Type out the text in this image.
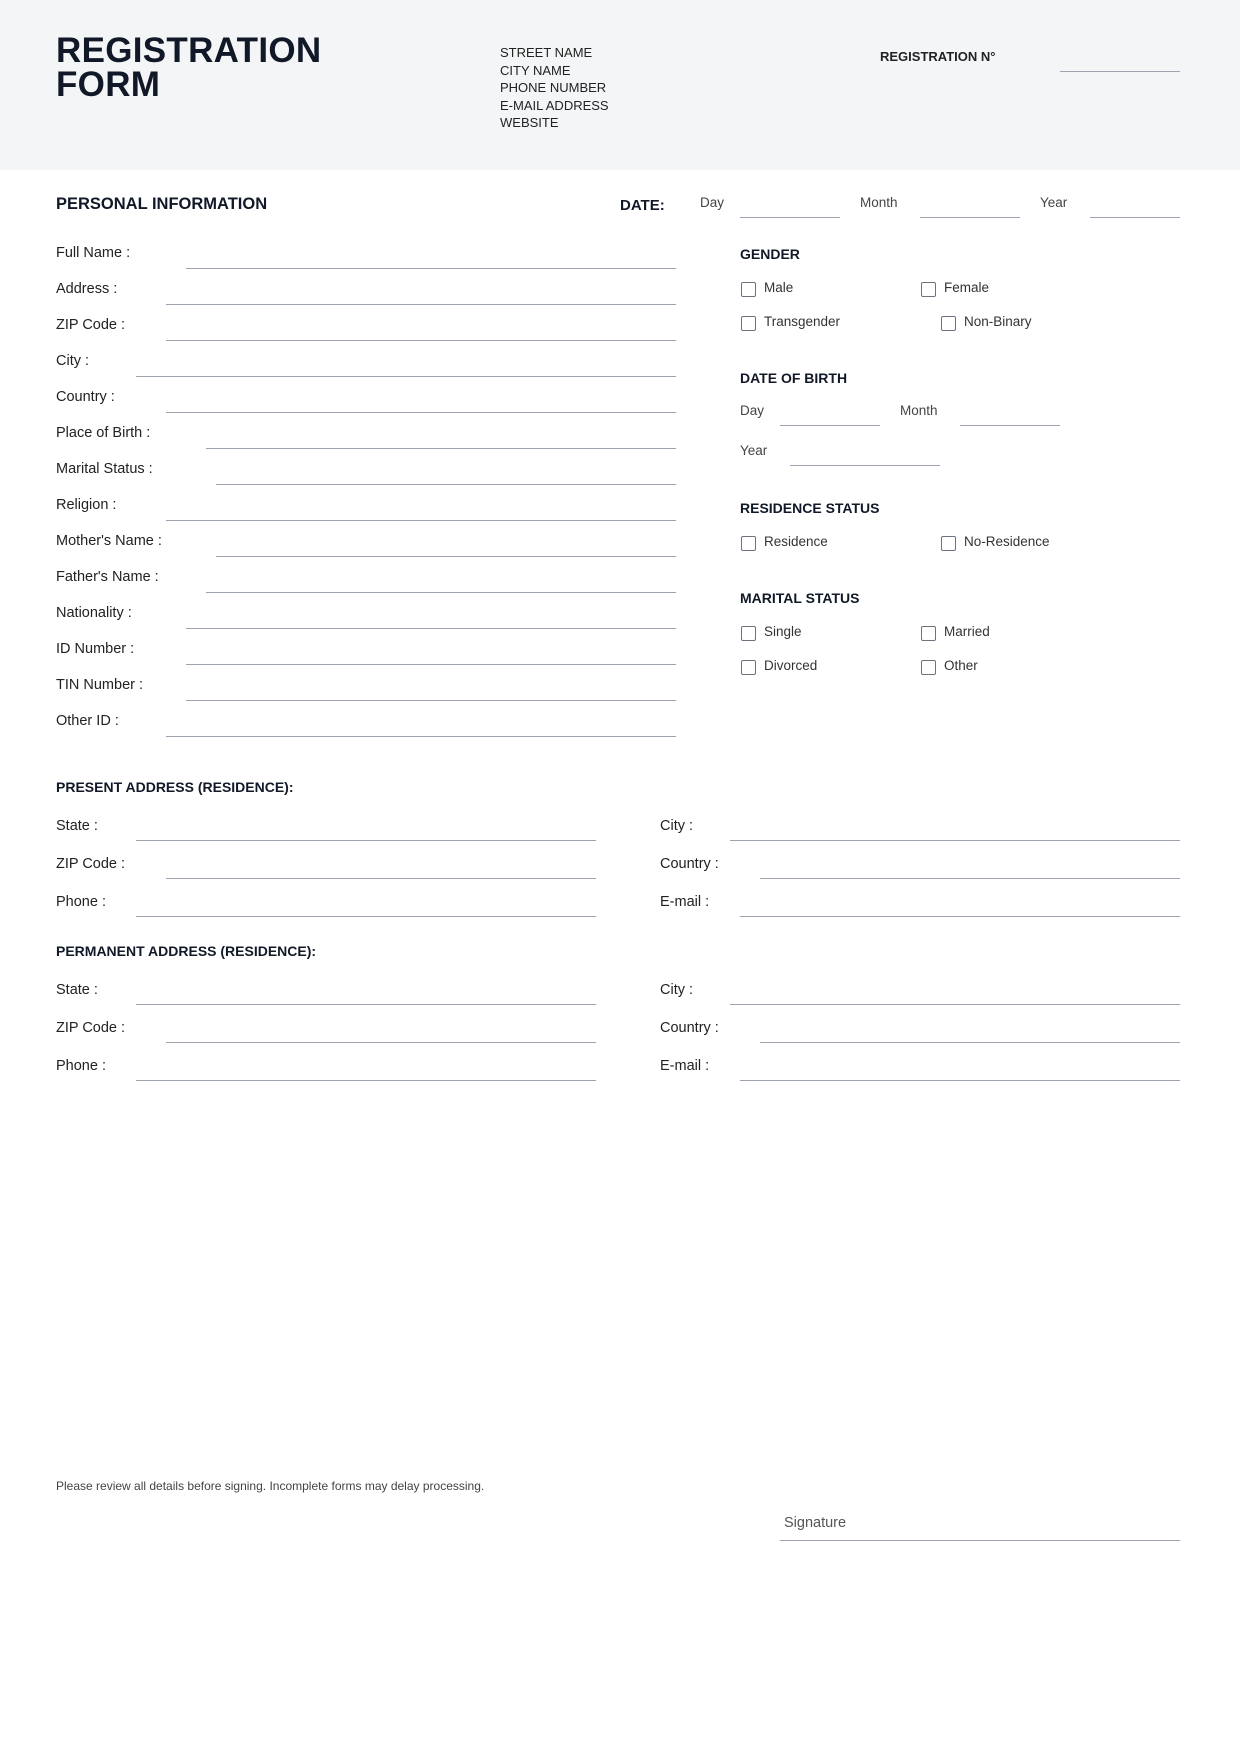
REGISTRATION
FORM
STREET NAME
CITY NAME
PHONE NUMBER
E-MAIL ADDRESS
WEBSITE
REGISTRATION N°
PERSONAL INFORMATION	DATE:	Day	Month	Year
Full Name :
Address :
ZIP Code :
City :
Country :
Place of Birth :
Marital Status :
Religion :
Mother's Name :
Father's Name :
Nationality :
ID Number :
TIN Number :
Other ID :
GENDER
Male	Female
Transgender	Non-Binary
DATE OF BIRTH
Day	Month
Year
RESIDENCE STATUS
Residence	No-Residence
MARITAL STATUS
Single	Married
Divorced	Other
PRESENT ADDRESS (RESIDENCE):
State :	City :
ZIP Code :	Country :
Phone :	E-mail :
PERMANENT ADDRESS (RESIDENCE):
State :	City :
ZIP Code :	Country :
Phone :	E-mail :
Please review all details before signing. Incomplete forms may delay processing.
Signature
